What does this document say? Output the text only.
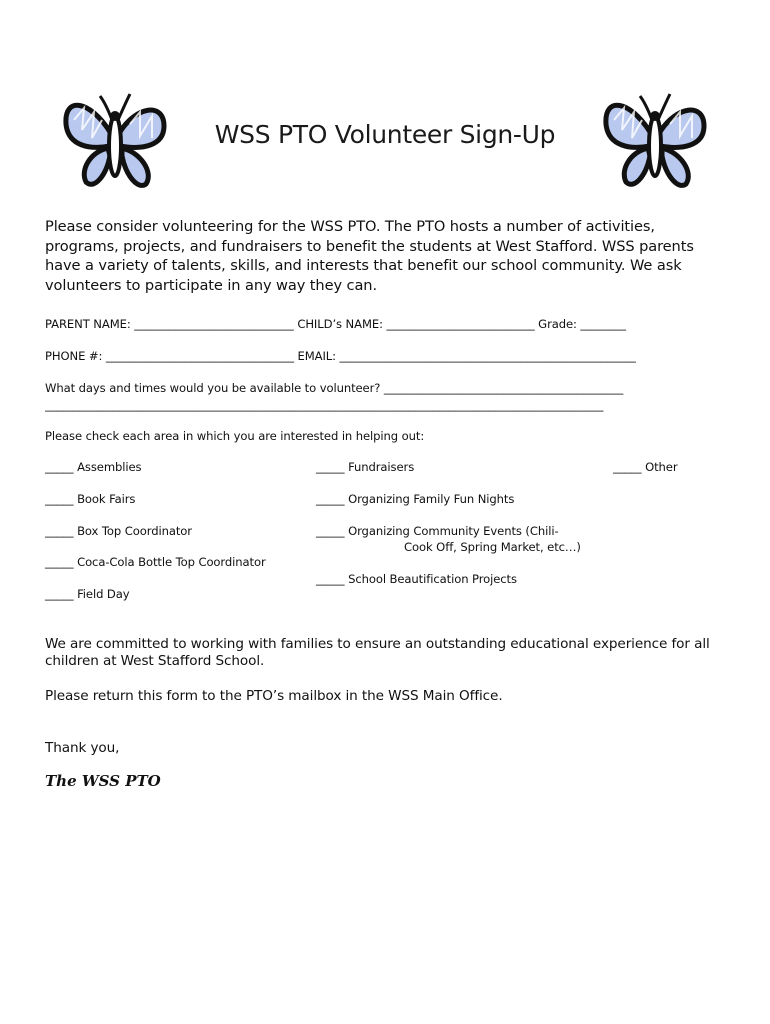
WSS PTO Volunteer Sign-Up
Please consider volunteering for the WSS PTO. The PTO hosts a number of activities, programs, projects, and fundraisers to benefit the students at West Stafford. WSS parents have a variety of talents, skills, and interests that benefit our school community. We ask volunteers to participate in any way they can.
PARENT NAME: ____________________________ CHILD’s NAME: __________________________ Grade: ________
PHONE #: _________________________________ EMAIL: ____________________________________________________
What days and times would you be available to volunteer? __________________________________________
__________________________________________________________________________________________________
Please check each area in which you are interested in helping out:
_____ Assemblies
_____ Book Fairs
_____ Box Top Coordinator
_____ Coca-Cola Bottle Top Coordinator
_____ Field Day
_____ Fundraisers
_____ Organizing Family Fun Nights
_____ Organizing Community Events (Chili-
Cook Off, Spring Market, etc…)
_____ School Beautification Projects
_____ Other
We are committed to working with families to ensure an outstanding educational experience for all children at West Stafford School.
Please return this form to the PTO’s mailbox in the WSS Main Office.
Thank you,
The WSS PTO
